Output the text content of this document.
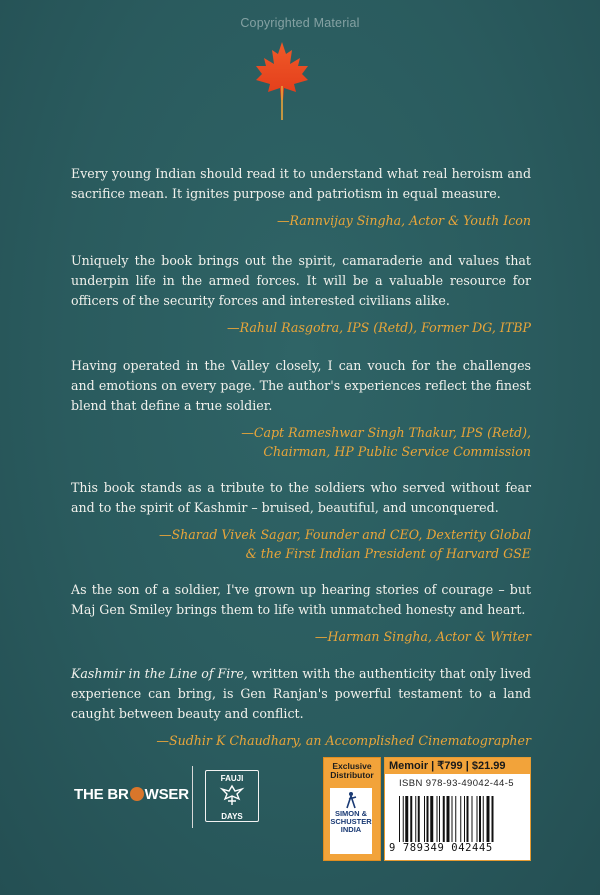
Copyrighted Material

Every young Indian should read it to understand what real heroism and sacrifice mean. It ignites purpose and patriotism in equal measure.

—Rannvijay Singha, Actor & Youth Icon

Uniquely the book brings out the spirit, camaraderie and values that underpin life in the armed forces. It will be a valuable resource for officers of the security forces and interested civilians alike.

—Rahul Rasgotra, IPS (Retd), Former DG, ITBP

Having operated in the Valley closely, I can vouch for the challenges and emotions on every page. The author's experiences reflect the finest blend that define a true soldier.

—Capt Rameshwar Singh Thakur, IPS (Retd),
Chairman, HP Public Service Commission

This book stands as a tribute to the soldiers who served without fear and to the spirit of Kashmir – bruised, beautiful, and unconquered.

—Sharad Vivek Sagar, Founder and CEO, Dexterity Global
& the First Indian President of Harvard GSE

As the son of a soldier, I've grown up hearing stories of courage – but Maj Gen Smiley brings them to life with unmatched honesty and heart.

—Harman Singha, Actor & Writer

Kashmir in the Line of Fire, written with the authenticity that only lived experience can bring, is Gen Ranjan's powerful testament to a land caught between beauty and conflict.

—Sudhir K Chaudhary, an Accomplished Cinematographer
THE BR WSER
FAUJI
DAYS
Exclusive
Distributor
SIMON &
SCHUSTER
INDIA
Memoir | ₹799 | $21.99
ISBN 978-93-49042-44-5
9 789349 042445
